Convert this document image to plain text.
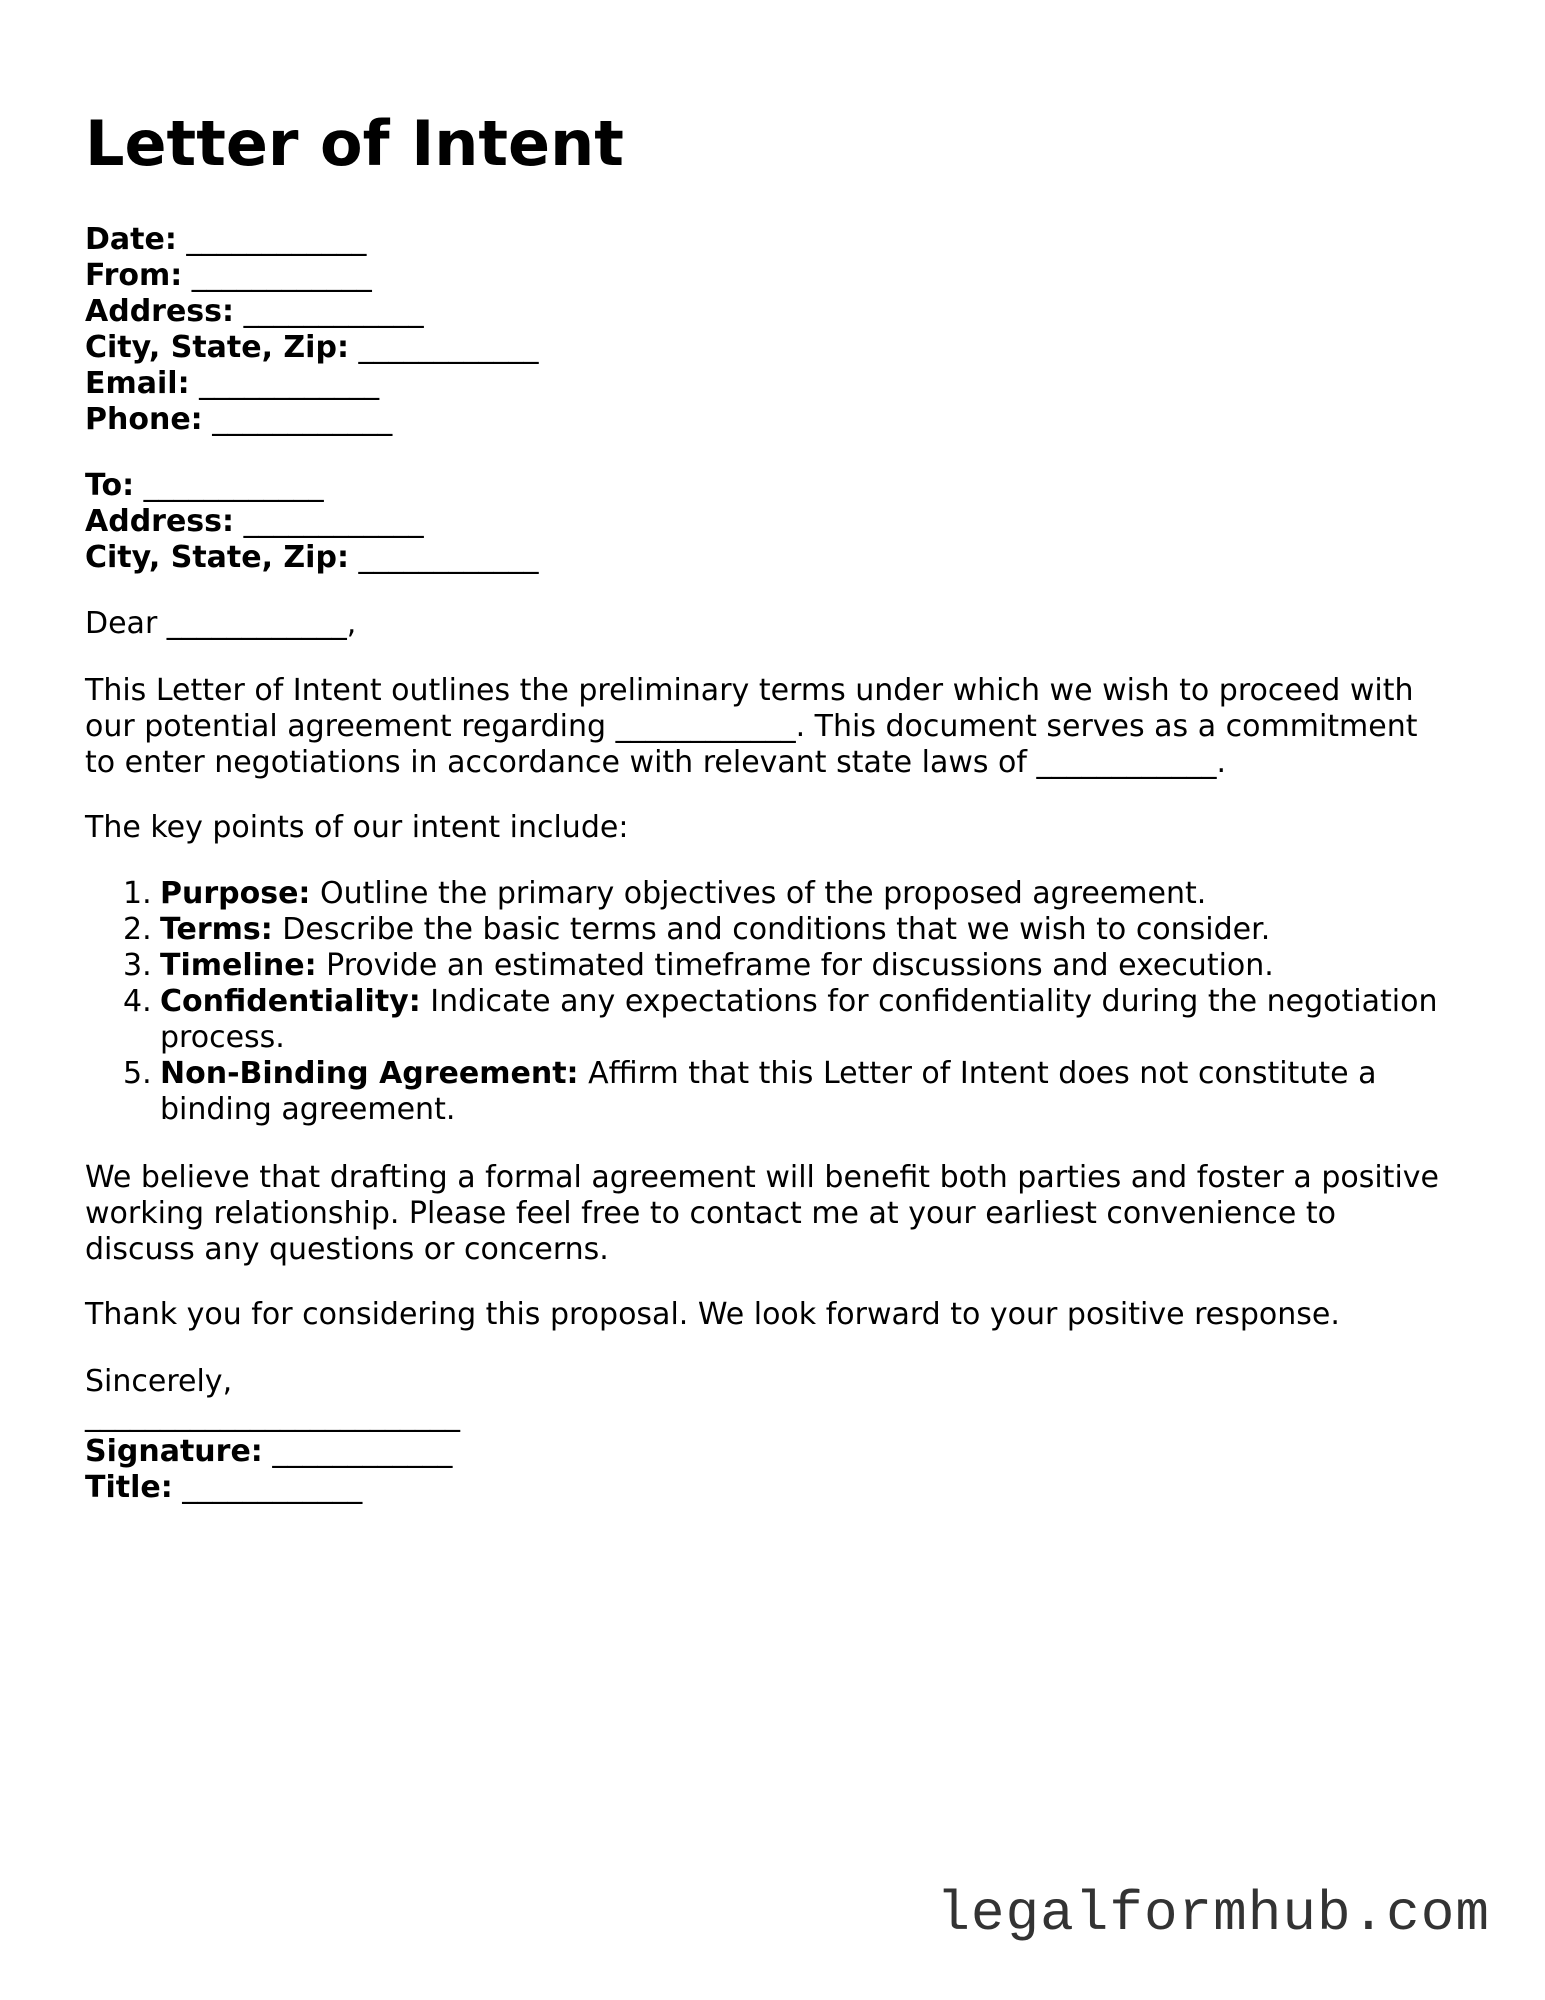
Letter of Intent
Date: ____________
From: ____________
Address: ____________
City, State, Zip: ____________
Email: ____________
Phone: ____________
To: ____________
Address: ____________
City, State, Zip: ____________
Dear ____________,
This Letter of Intent outlines the preliminary terms under which we wish to proceed with
our potential agreement regarding ____________. This document serves as a commitment
to enter negotiations in accordance with relevant state laws of ____________.
The key points of our intent include:
1. Purpose: Outline the primary objectives of the proposed agreement.
2. Terms: Describe the basic terms and conditions that we wish to consider.
3. Timeline: Provide an estimated timeframe for discussions and execution.
4. Confidentiality: Indicate any expectations for confidentiality during the negotiation
process.
5. Non-Binding Agreement: Affirm that this Letter of Intent does not constitute a
binding agreement.
We believe that drafting a formal agreement will benefit both parties and foster a positive
working relationship. Please feel free to contact me at your earliest convenience to
discuss any questions or concerns.
Thank you for considering this proposal. We look forward to your positive response.
Sincerely,
_________________________
Signature: ____________
Title: ____________
legalformhub.com
